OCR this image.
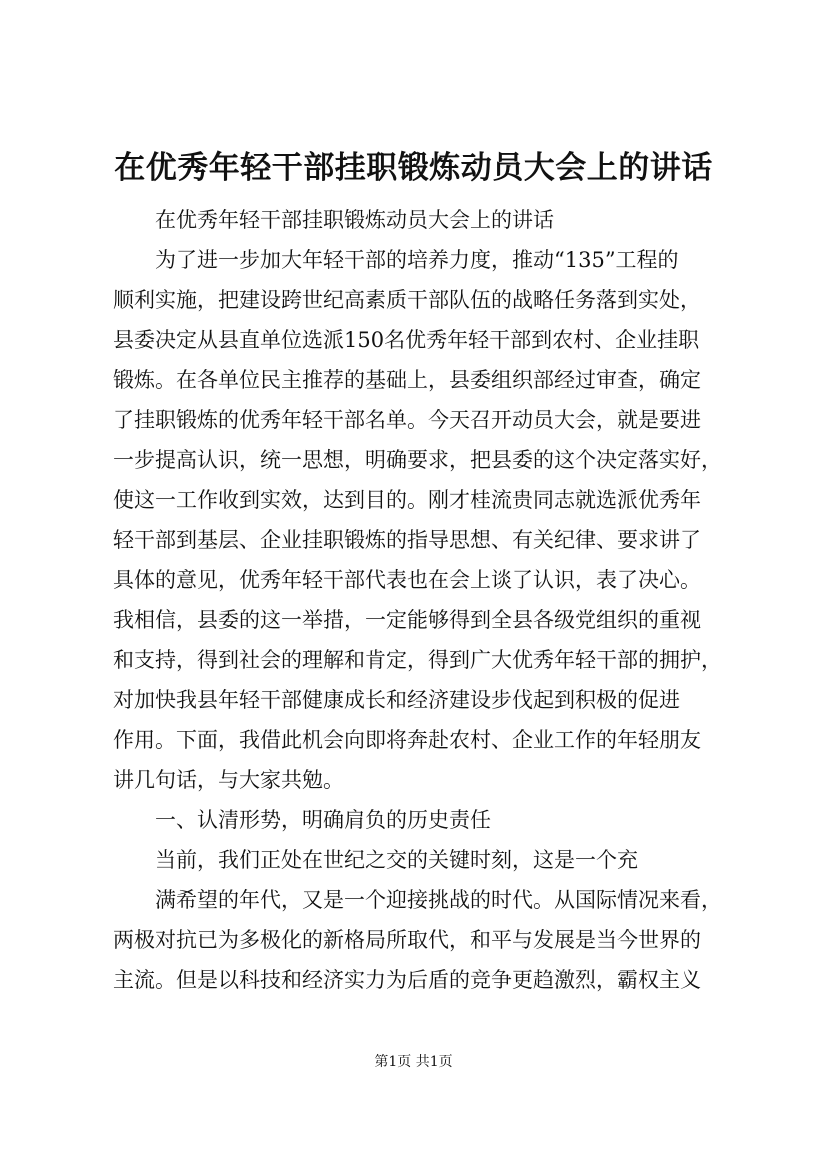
在优秀年轻干部挂职锻炼动员大会上的讲话
在优秀年轻干部挂职锻炼动员大会上的讲话
为了进一步加大年轻干部的培养力度，推动“135”工程的
顺利实施，把建设跨世纪高素质干部队伍的战略任务落到实处，
县委决定从县直单位选派150名优秀年轻干部到农村、企业挂职
锻炼。在各单位民主推荐的基础上，县委组织部经过审查，确定
了挂职锻炼的优秀年轻干部名单。今天召开动员大会，就是要进
一步提高认识，统一思想，明确要求，把县委的这个决定落实好，
使这一工作收到实效，达到目的。刚才桂流贵同志就选派优秀年
轻干部到基层、企业挂职锻炼的指导思想、有关纪律、要求讲了
具体的意见，优秀年轻干部代表也在会上谈了认识，表了决心。
我相信，县委的这一举措，一定能够得到全县各级党组织的重视
和支持，得到社会的理解和肯定，得到广大优秀年轻干部的拥护，
对加快我县年轻干部健康成长和经济建设步伐起到积极的促进
作用。下面，我借此机会向即将奔赴农村、企业工作的年轻朋友
讲几句话，与大家共勉。
一、认清形势，明确肩负的历史责任
当前，我们正处在世纪之交的关键时刻，这是一个充
满希望的年代，又是一个迎接挑战的时代。从国际情况来看，
两极对抗已为多极化的新格局所取代，和平与发展是当今世界的
主流。但是以科技和经济实力为后盾的竞争更趋激烈，霸权主义
第1页 共1页
